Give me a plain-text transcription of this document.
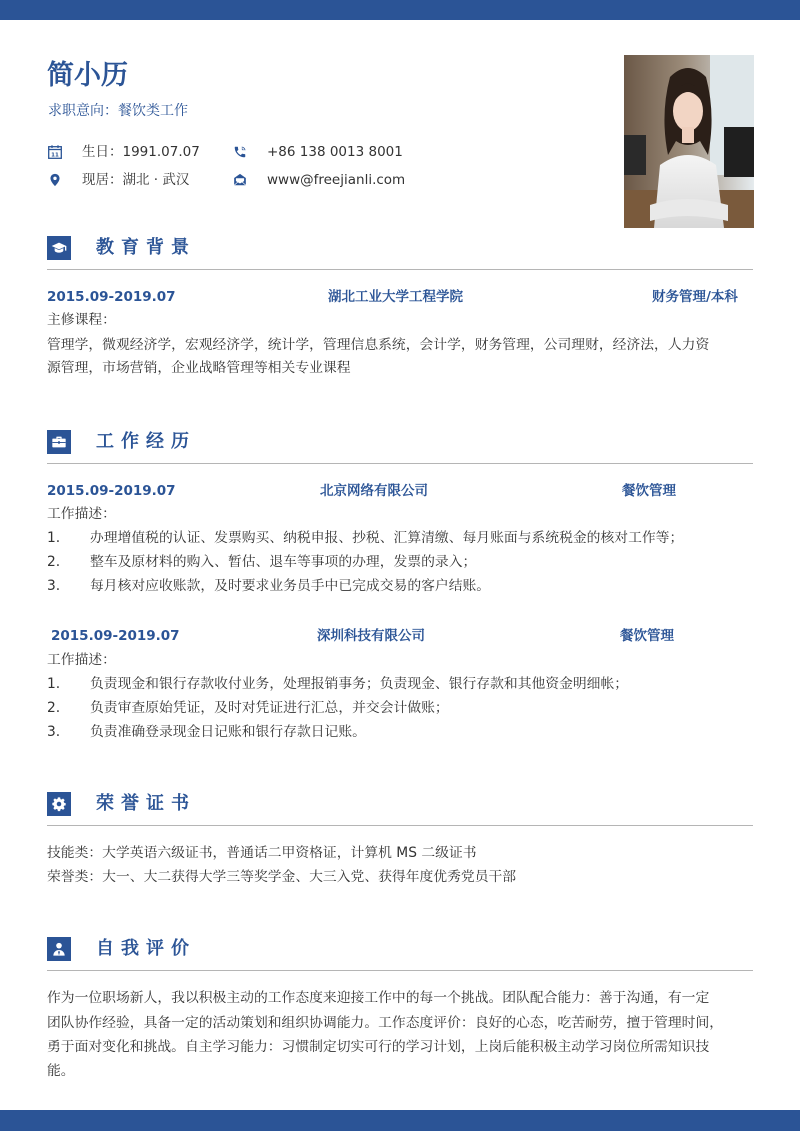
简小历
求职意向：餐饮类工作
11 生日：1991.07.07	+86 138 0013 8001
现居：湖北 · 武汉	www@freejianli.com
教育背景
2015.09-2019.07	湖北工业大学工程学院	财务管理/本科
主修课程：
管理学，微观经济学，宏观经济学，统计学，管理信息系统，会计学，财务管理，公司理财，经济法，人力资
源管理，市场营销，企业战略管理等相关专业课程
工作经历
2015.09-2019.07	北京网络有限公司	餐饮管理
工作描述：
1. 办理增值税的认证、发票购买、纳税申报、抄税、汇算清缴、每月账面与系统税金的核对工作等；
2. 整车及原材料的购入、暂估、退车等事项的办理，发票的录入；
3. 每月核对应收账款，及时要求业务员手中已完成交易的客户结账。
2015.09-2019.07	深圳科技有限公司	餐饮管理
工作描述：
1. 负责现金和银行存款收付业务，处理报销事务；负责现金、银行存款和其他资金明细帐；
2. 负责审查原始凭证，及时对凭证进行汇总，并交会计做账；
3. 负责准确登录现金日记账和银行存款日记账。
荣誉证书
技能类：大学英语六级证书，普通话二甲资格证，计算机 MS 二级证书
荣誉类：大一、大二获得大学三等奖学金、大三入党、获得年度优秀党员干部
自我评价
作为一位职场新人，我以积极主动的工作态度来迎接工作中的每一个挑战。团队配合能力：善于沟通，有一定
团队协作经验，具备一定的活动策划和组织协调能力。工作态度评价：良好的心态，吃苦耐劳，擅于管理时间，
勇于面对变化和挑战。自主学习能力：习惯制定切实可行的学习计划，上岗后能积极主动学习岗位所需知识技
能。
